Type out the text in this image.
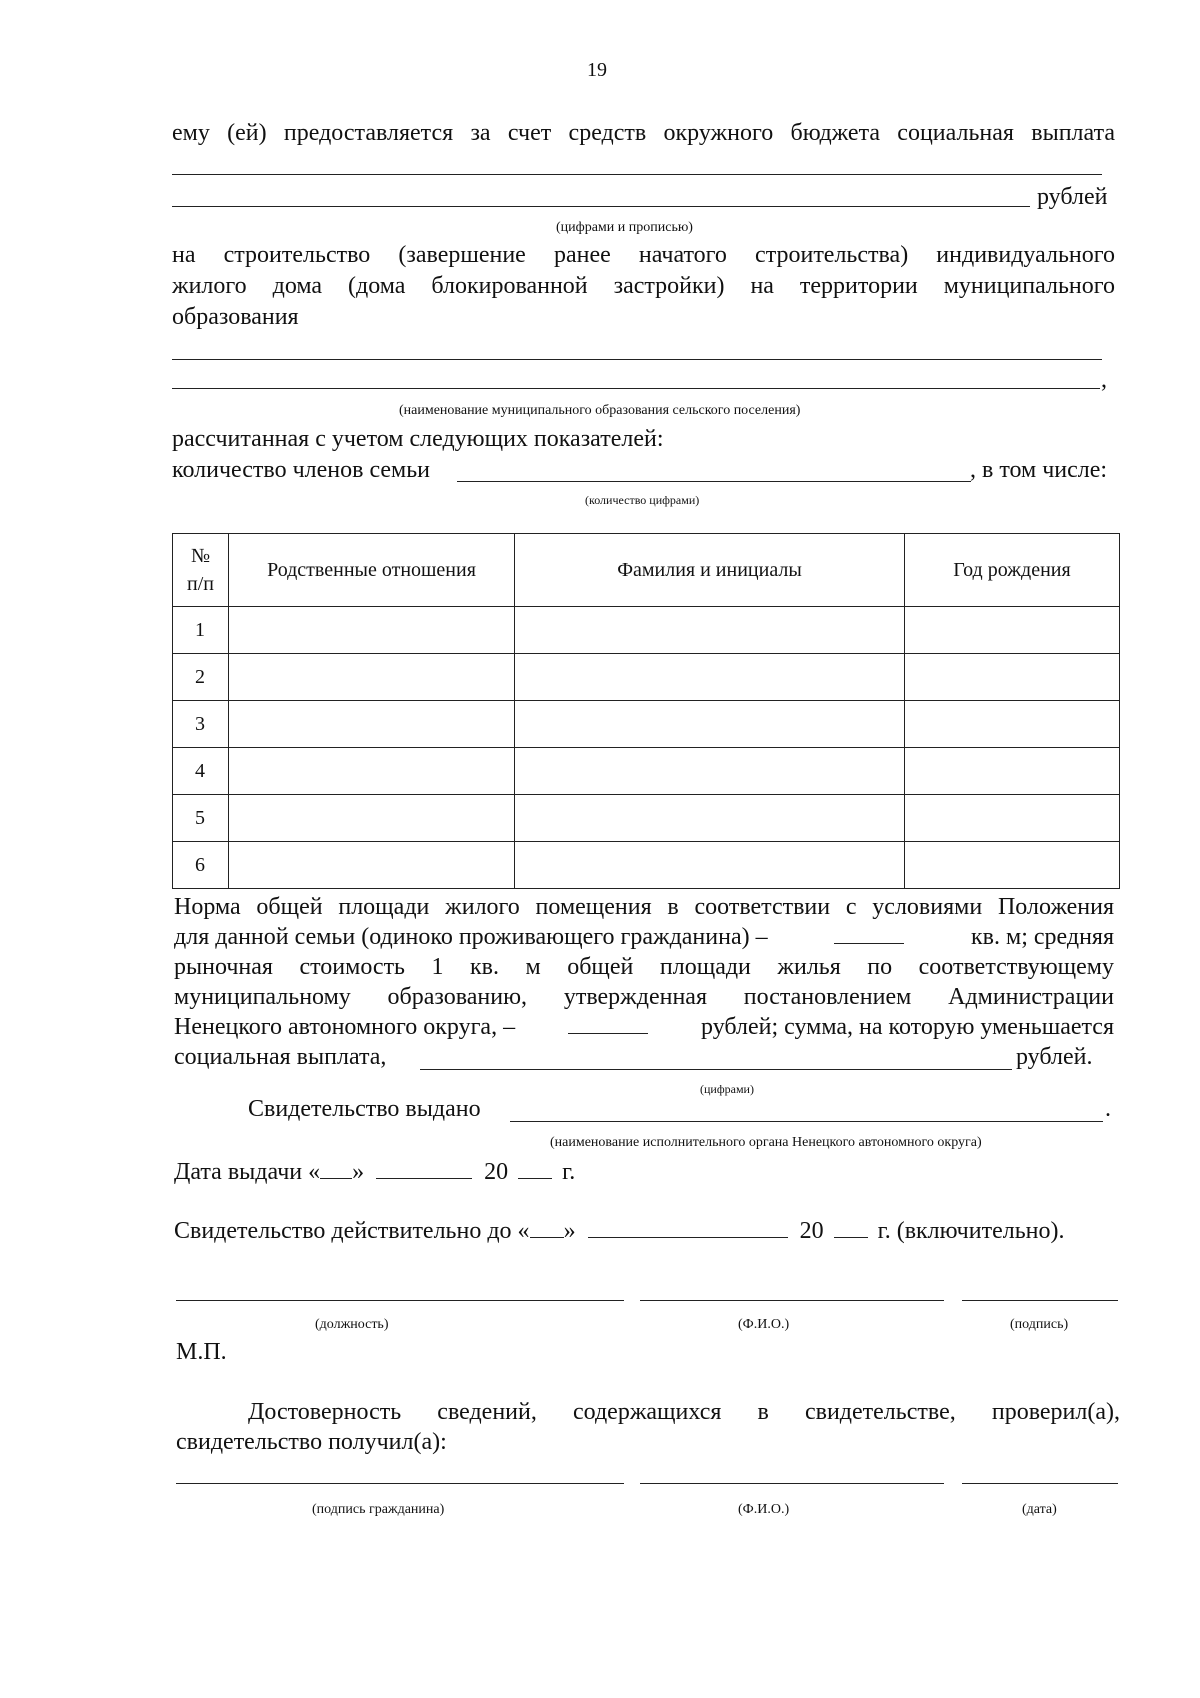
19
ему (ей) предоставляется за счет средств окружного бюджета социальная выплата
рублей
(цифрами и прописью)
на строительство (завершение ранее начатого строительства) индивидуального
жилого дома (дома блокированной застройки) на территории муниципального
образования
,
(наименование муниципального образования сельского поселения)
рассчитанная с учетом следующих показателей:
количество членов семьи	, в том числе:
(количество цифрами)
№
п/п	Родственные отношения	Фамилия и инициалы	Год рождения
1			
2			
3			
4			
5			
6			
Норма общей площади жилого помещения в соответствии с условиями Положения
для данной семьи (одиноко проживающего гражданина) –	кв. м; средняя
рыночная стоимость 1 кв. м общей площади жилья по соответствующему
муниципальному образованию, утвержденная постановлением Администрации
Ненецкого автономного округа, –	рублей; сумма, на которую уменьшается
социальная выплата,	рублей.
(цифрами)
Свидетельство выдано	.
(наименование исполнительного органа Ненецкого автономного округа)
Дата выдачи « »	20 г.
Свидетельство действительно до « »	20 г. (включительно).
(должность)	(Ф.И.О.)	(подпись)
М.П.
Достоверность сведений, содержащихся в свидетельстве, проверил(а),
свидетельство получил(а):
(подпись гражданина)	(Ф.И.О.)	(дата)
